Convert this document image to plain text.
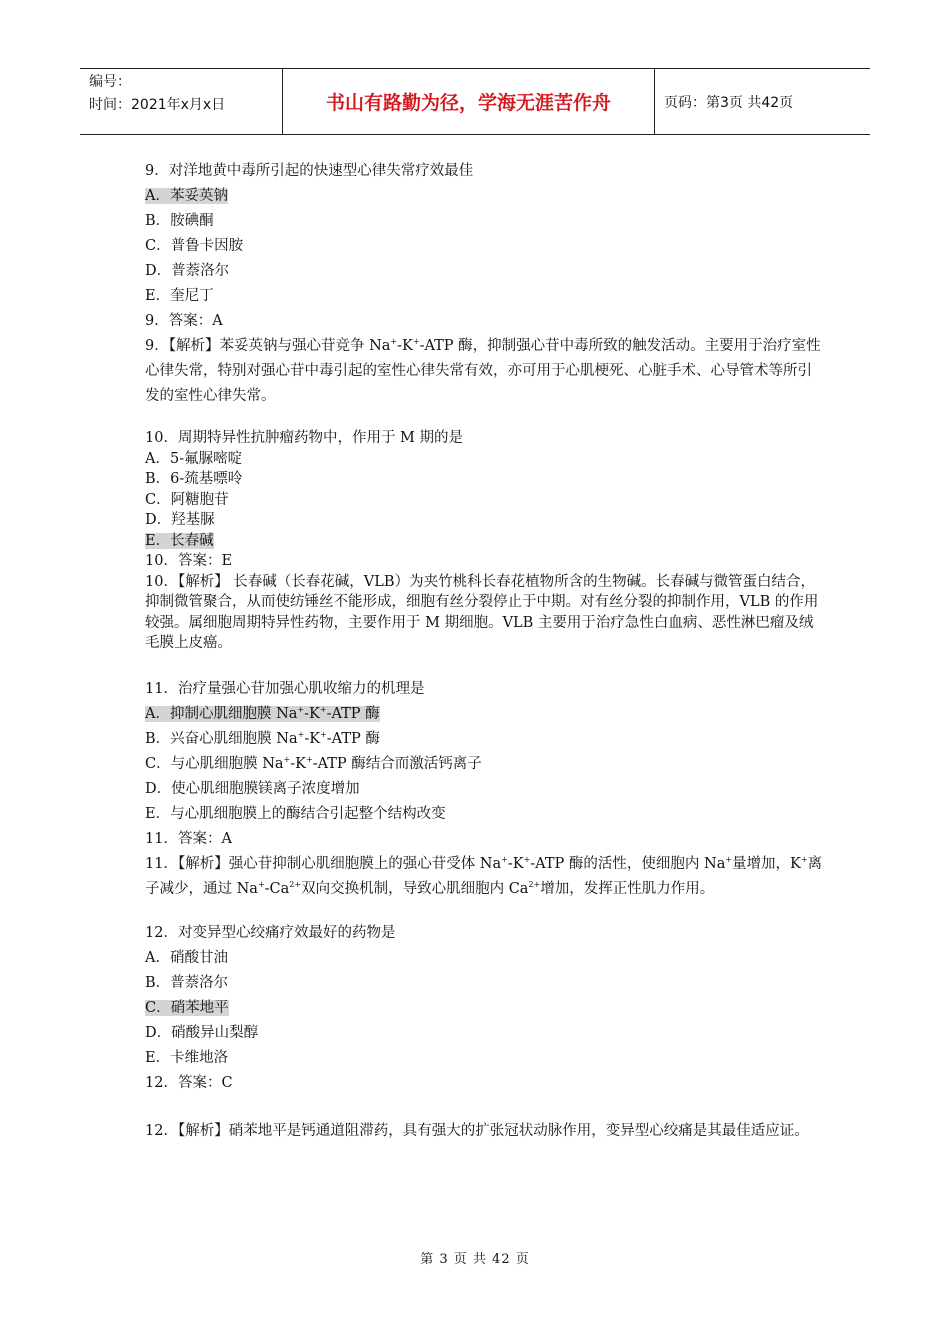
编号：
时间：2021年x月x日	书山有路勤为径，学海无涯苦作舟	页码：第3页 共42页
9．对洋地黄中毒所引起的快速型心律失常疗效最佳
A．苯妥英钠
B．胺碘酮
C．普鲁卡因胺
D．普萘洛尔
E．奎尼丁
9．答案：A

9．【解析】苯妥英钠与强心苷竞争 Na+-K+-ATP 酶，抑制强心苷中毒所致的触发活动。主要用于治疗室性心律失常，特别对强心苷中毒引起的室性心律失常有效，亦可用于心肌梗死、心脏手术、心导管术等所引发的室性心律失常。

10．周期特异性抗肿瘤药物中，作用于 M 期的是
A．5-氟脲嘧啶
B．6-巯基嘌呤
C．阿糖胞苷
D．羟基脲
E．长春碱
10．答案：E

10．【解析】 长春碱（长春花碱，VLB）为夹竹桃科长春花植物所含的生物碱。长春碱与微管蛋白结合，抑制微管聚合，从而使纺锤丝不能形成，细胞有丝分裂停止于中期。对有丝分裂的抑制作用，VLB 的作用较强。属细胞周期特异性药物，主要作用于 M 期细胞。VLB 主要用于治疗急性白血病、恶性淋巴瘤及绒毛膜上皮癌。

11．治疗量强心苷加强心肌收缩力的机理是
A．抑制心肌细胞膜 Na+-K+-ATP 酶
B．兴奋心肌细胞膜 Na+-K+-ATP 酶
C．与心肌细胞膜 Na+-K+-ATP 酶结合而激活钙离子
D．使心肌细胞膜镁离子浓度增加
E．与心肌细胞膜上的酶结合引起整个结构改变
11．答案：A

11．【解析】强心苷抑制心肌细胞膜上的强心苷受体 Na+-K+-ATP 酶的活性，使细胞内 Na+量增加，K+离子减少，通过 $Na^+-Ca^{2+}$双向交换机制，导致心肌细胞内 $Ca^{2+}$增加，发挥正性肌力作用。

12．对变异型心绞痛疗效最好的药物是
A．硝酸甘油
B．普萘洛尔
C．硝苯地平
D．硝酸异山梨醇
E．卡维地洛
12．答案：C

12．【解析】硝苯地平是钙通道阻滞药，具有强大的扩张冠状动脉作用，变异型心绞痛是其最佳适应证。

第 3 页 共 42 页
